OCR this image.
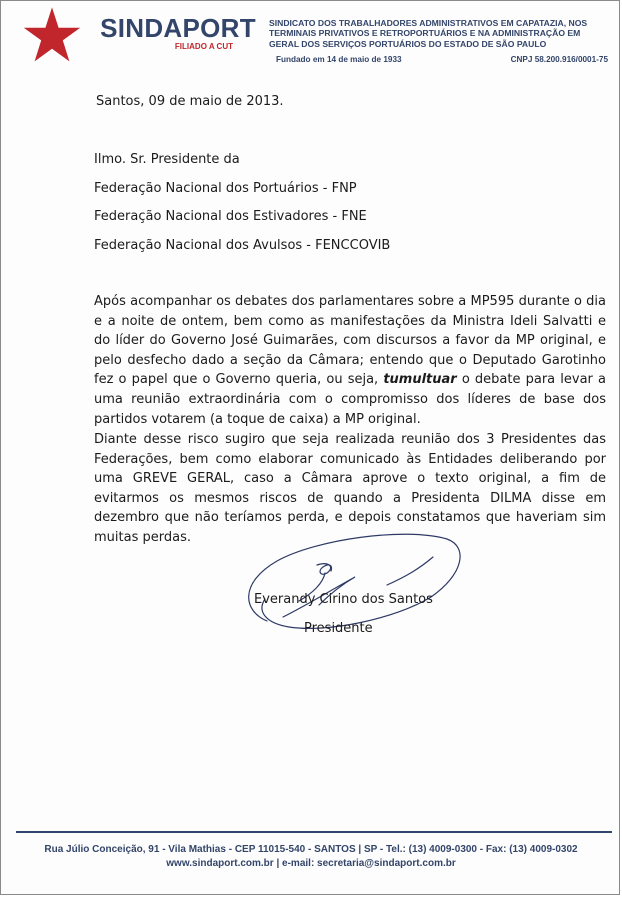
SINDAPORT
FILIADO A CUT
SINDICATO DOS TRABALHADORES ADMINISTRATIVOS EM CAPATAZIA, NOS
TERMINAIS PRIVATIVOS E RETROPORTUÁRIOS E NA ADMINISTRAÇÃO EM
GERAL DOS SERVIÇOS PORTUÁRIOS DO ESTADO DE SÃO PAULO
Fundado em 14 de maio de 1933	CNPJ 58.200.916/0001-75
Santos, 09 de maio de 2013.
Ilmo. Sr. Presidente da
Federação Nacional dos Portuários - FNP
Federação Nacional dos Estivadores - FNE
Federação Nacional dos Avulsos - FENCCOVIB
Após acompanhar os debates dos parlamentares sobre a MP595 durante o dia e a noite de ontem, bem como as manifestações da Ministra Ideli Salvatti e do líder do Governo José Guimarães, com discursos a favor da MP original, e pelo desfecho dado a seção da Câmara; entendo que o Deputado Garotinho fez o papel que o Governo queria, ou seja, tumultuar o debate para levar a uma reunião extraordinária com o compromisso dos líderes de base dos partidos votarem (a toque de caixa) a MP original.
Diante desse risco sugiro que seja realizada reunião dos 3 Presidentes das Federações, bem como elaborar comunicado às Entidades deliberando por uma GREVE GERAL, caso a Câmara aprove o texto original, a fim de evitarmos os mesmos riscos de quando a Presidenta DILMA disse em dezembro que não teríamos perda, e depois constatamos que haveriam sim muitas perdas.
Everandy Cirino dos Santos
Presidente
Rua Júlio Conceição, 91 - Vila Mathias - CEP 11015-540 - SANTOS | SP - Tel.: (13) 4009-0300 - Fax: (13) 4009-0302
www.sindaport.com.br | e-mail: secretaria@sindaport.com.br
